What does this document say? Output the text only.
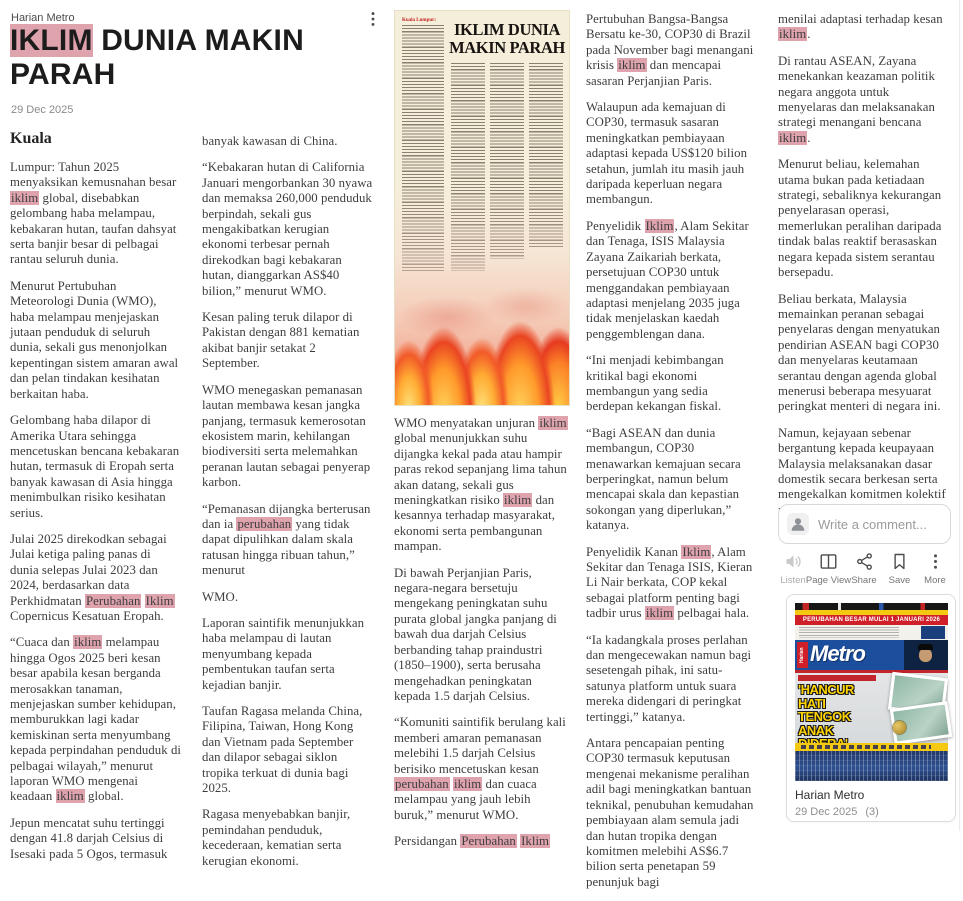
Harian Metro
IKLIM DUNIA MAKIN PARAH
29 Dec 2025
Kuala

Lumpur: Tahun 2025 menyaksikan kemusnahan besar iklim global, disebabkan gelombang haba melampau, kebakaran hutan, taufan dahsyat serta banjir besar di pelbagai rantau seluruh dunia.

Menurut Pertubuhan Meteorologi Dunia (WMO), haba melampau menjejaskan jutaan penduduk di seluruh dunia, sekali gus menonjolkan kepentingan sistem amaran awal dan pelan tindakan kesihatan berkaitan haba.

Gelombang haba dilapor di Amerika Utara sehingga mencetuskan bencana kebakaran hutan, termasuk di Eropah serta banyak kawasan di Asia hingga menimbulkan risiko kesihatan serius.

Julai 2025 direkodkan sebagai Julai ketiga paling panas di dunia selepas Julai 2023 dan 2024, berdasarkan data Perkhidmatan Perubahan Iklim Copernicus Kesatuan Eropah.

“Cuaca dan iklim melampau hingga Ogos 2025 beri kesan besar apabila kesan berganda merosakkan tanaman, menjejaskan sumber kehidupan, memburukkan lagi kadar kemiskinan serta menyumbang kepada perpindahan penduduk di pelbagai wilayah,” menurut laporan WMO mengenai keadaan iklim global.

Jepun mencatat suhu tertinggi dengan 41.8 darjah Celsius di Isesaki pada 5 Ogos, termasuk

banyak kawasan di China.

“Kebakaran hutan di California Januari mengorbankan 30 nyawa dan memaksa 260,000 penduduk berpindah, sekali gus mengakibatkan kerugian ekonomi terbesar pernah direkodkan bagi kebakaran hutan, dianggarkan AS$40 bilion,” menurut WMO.

Kesan paling teruk dilapor di Pakistan dengan 881 kematian akibat banjir setakat 2 September.

WMO menegaskan pemanasan lautan membawa kesan jangka panjang, termasuk kemerosotan ekosistem marin, kehilangan biodiversiti serta melemahkan peranan lautan sebagai penyerap karbon.

“Pemanasan dijangka berterusan dan ia perubahan yang tidak dapat dipulihkan dalam skala ratusan hingga ribuan tahun,” menurut

WMO.

Laporan saintifik menunjukkan haba melampau di lautan menyumbang kepada pembentukan taufan serta kejadian banjir.

Taufan Ragasa melanda China, Filipina, Taiwan, Hong Kong dan Vietnam pada September dan dilapor sebagai siklon tropika terkuat di dunia bagi 2025.

Ragasa menyebabkan banjir, pemindahan penduduk, kecederaan, kematian serta kerugian ekonomi.

Kuala Lumpur:	IKLIM DUNIA
MAKIN PARAH

WMO menyatakan unjuran iklim global menunjukkan suhu dijangka kekal pada atau hampir paras rekod sepanjang lima tahun akan datang, sekali gus meningkatkan risiko iklim dan kesannya terhadap masyarakat, ekonomi serta pembangunan mampan.

Di bawah Perjanjian Paris, negara-negara bersetuju mengekang peningkatan suhu purata global jangka panjang di bawah dua darjah Celsius berbanding tahap praindustri (1850–1900), serta berusaha mengehadkan peningkatan kepada 1.5 darjah Celsius.

“Komuniti saintifik berulang kali memberi amaran pemanasan melebihi 1.5 darjah Celsius berisiko mencetuskan kesan perubahan iklim dan cuaca melampau yang jauh lebih buruk,” menurut WMO.

Persidangan Perubahan Iklim

Pertubuhan Bangsa-Bangsa Bersatu ke-30, COP30 di Brazil pada November bagi menangani krisis iklim dan mencapai sasaran Perjanjian Paris.

Walaupun ada kemajuan di COP30, termasuk sasaran meningkatkan pembiayaan adaptasi kepada US$120 bilion setahun, jumlah itu masih jauh daripada keperluan negara membangun.

Penyelidik Iklim, Alam Sekitar dan Tenaga, ISIS Malaysia Zayana Zaikariah berkata, persetujuan COP30 untuk menggandakan pembiayaan adaptasi menjelang 2035 juga tidak menjelaskan kaedah penggemblengan dana.

“Ini menjadi kebimbangan kritikal bagi ekonomi membangun yang sedia berdepan kekangan fiskal.

“Bagi ASEAN dan dunia membangun, COP30 menawarkan kemajuan secara berperingkat, namun belum mencapai skala dan kepastian sokongan yang diperlukan,” katanya.

Penyelidik Kanan Iklim, Alam Sekitar dan Tenaga ISIS, Kieran Li Nair berkata, COP kekal sebagai platform penting bagi tadbir urus iklim pelbagai hala.

“Ia kadangkala proses perlahan dan mengecewakan namun bagi sesetengah pihak, ini satu-satunya platform untuk suara mereka didengari di peringkat tertinggi,” katanya.

Antara pencapaian penting COP30 termasuk keputusan mengenai mekanisme peralihan adil bagi meningkatkan bantuan teknikal, penubuhan kemudahan pembiayaan alam semula jadi dan hutan tropika dengan komitmen melebihi AS$6.7 bilion serta penetapan 59 penunjuk bagi

menilai adaptasi terhadap kesan iklim.

Di rantau ASEAN, Zayana menekankan keazaman politik negara anggota untuk menyelaras dan melaksanakan strategi menangani bencana iklim.

Menurut beliau, kelemahan utama bukan pada ketiadaan strategi, sebaliknya kekurangan penyelarasan operasi, memerlukan peralihan daripada tindak balas reaktif berasaskan negara kepada sistem serantau bersepadu.

Beliau berkata, Malaysia memainkan peranan sebagai penyelaras dengan menyatukan pendirian ASEAN bagi COP30 dan menyelaras keutamaan serantau dengan agenda global menerusi beberapa mesyuarat peringkat menteri di negara ini.

Namun, kejayaan sebenar bergantung kepada keupayaan Malaysia melaksanakan dasar domestik secara berkesan serta mengekalkan komitmen kolektif

Write a comment...
Listen Page View Share Save More
PERUBAHAN BESAR MULAI 1 JANUARI 2026
Harian Metro
'HANCUR HATI TENGOK ANAK
Harian Metro
29 Dec 2025 (3)
